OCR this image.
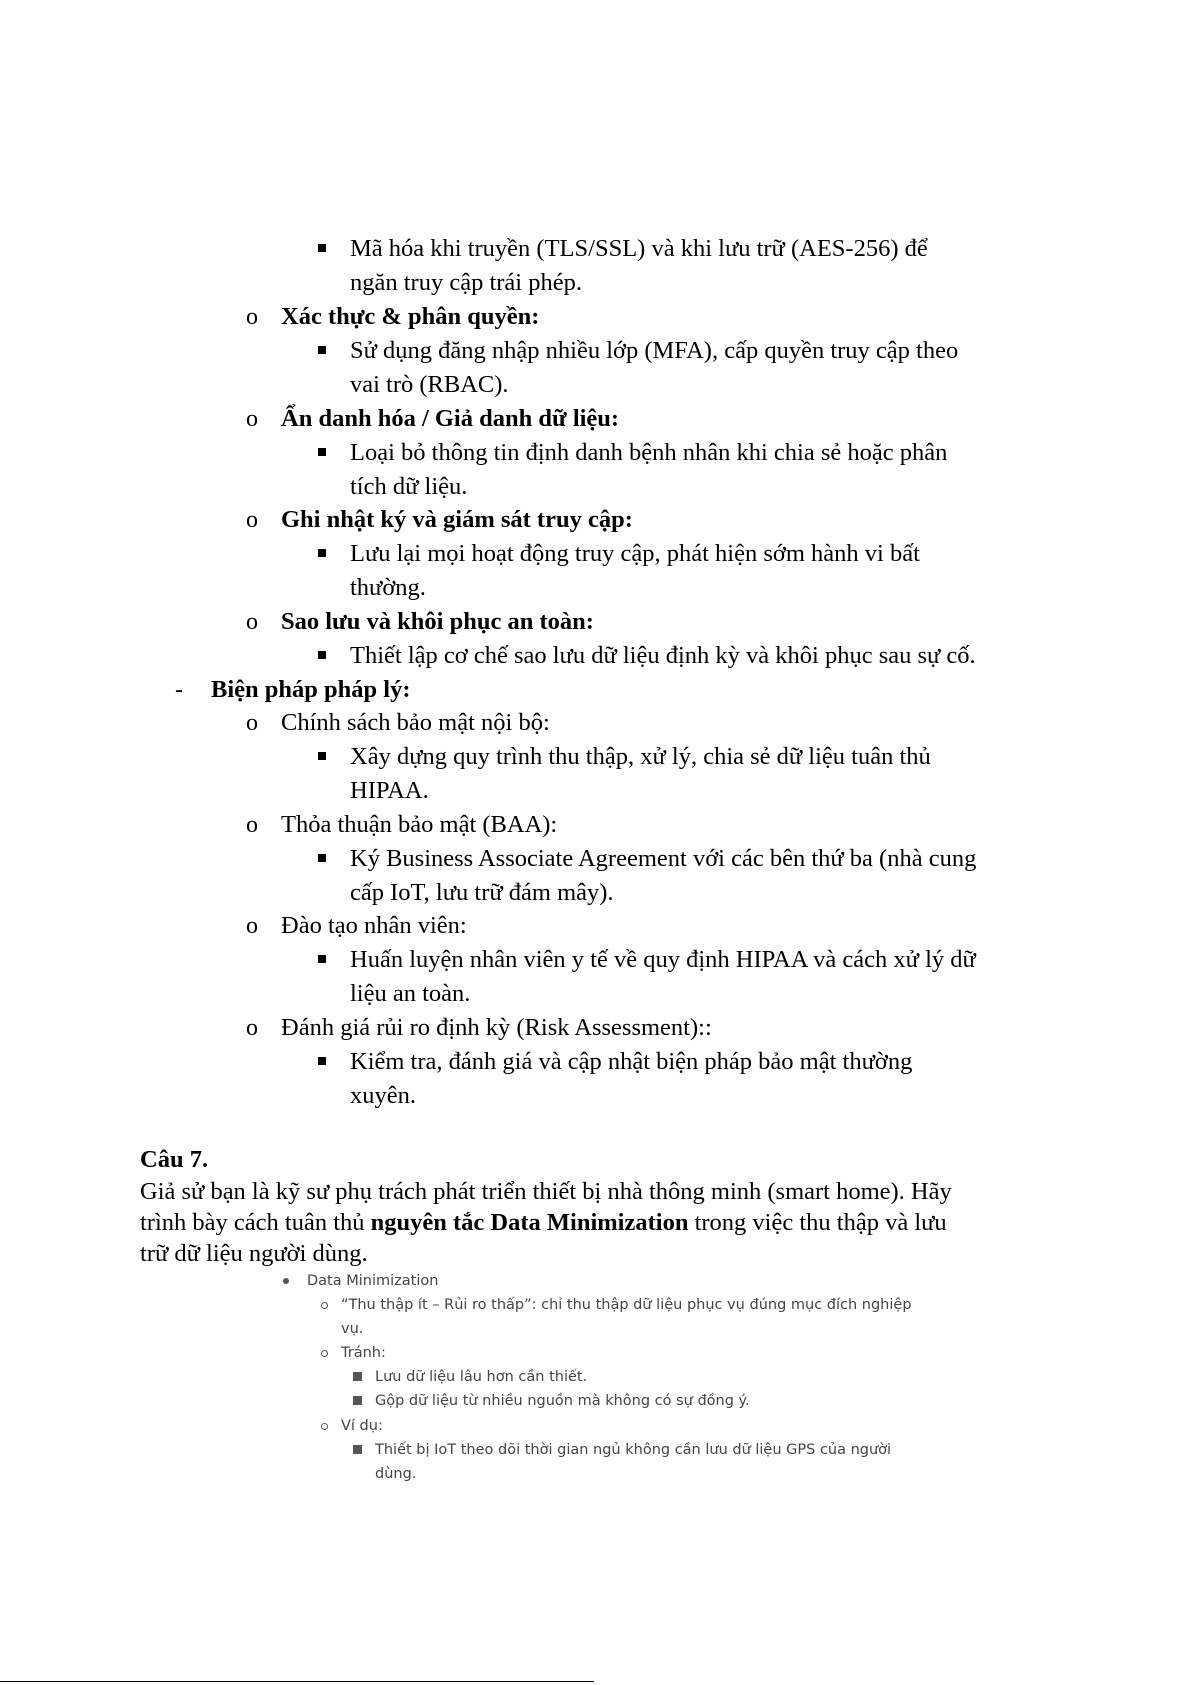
Mã hóa khi truyền (TLS/SSL) và khi lưu trữ (AES-256) để
ngăn truy cập trái phép.
o Xác thực & phân quyền:
Sử dụng đăng nhập nhiều lớp (MFA), cấp quyền truy cập theo
vai trò (RBAC).
o Ẩn danh hóa / Giả danh dữ liệu:
Loại bỏ thông tin định danh bệnh nhân khi chia sẻ hoặc phân
tích dữ liệu.
o Ghi nhật ký và giám sát truy cập:
Lưu lại mọi hoạt động truy cập, phát hiện sớm hành vi bất
thường.
o Sao lưu và khôi phục an toàn:
Thiết lập cơ chế sao lưu dữ liệu định kỳ và khôi phục sau sự cố.
- Biện pháp pháp lý:
o Chính sách bảo mật nội bộ:
Xây dựng quy trình thu thập, xử lý, chia sẻ dữ liệu tuân thủ
HIPAA.
o Thỏa thuận bảo mật (BAA):
Ký Business Associate Agreement với các bên thứ ba (nhà cung
cấp IoT, lưu trữ đám mây).
o Đào tạo nhân viên:
Huấn luyện nhân viên y tế về quy định HIPAA và cách xử lý dữ
liệu an toàn.
o Đánh giá rủi ro định kỳ (Risk Assessment)::
Kiểm tra, đánh giá và cập nhật biện pháp bảo mật thường
xuyên.
Câu 7.
Giả sử bạn là kỹ sư phụ trách phát triển thiết bị nhà thông minh (smart home). Hãy
trình bày cách tuân thủ nguyên tắc Data Minimization trong việc thu thập và lưu
trữ dữ liệu người dùng.
Data Minimization
“Thu thập ít – Rủi ro thấp”: chỉ thu thập dữ liệu phục vụ đúng mục đích nghiệp
vụ.
Tránh:
Lưu dữ liệu lâu hơn cần thiết.
Gộp dữ liệu từ nhiều nguồn mà không có sự đồng ý.
Ví dụ:
Thiết bị IoT theo dõi thời gian ngủ không cần lưu dữ liệu GPS của người
dùng.
